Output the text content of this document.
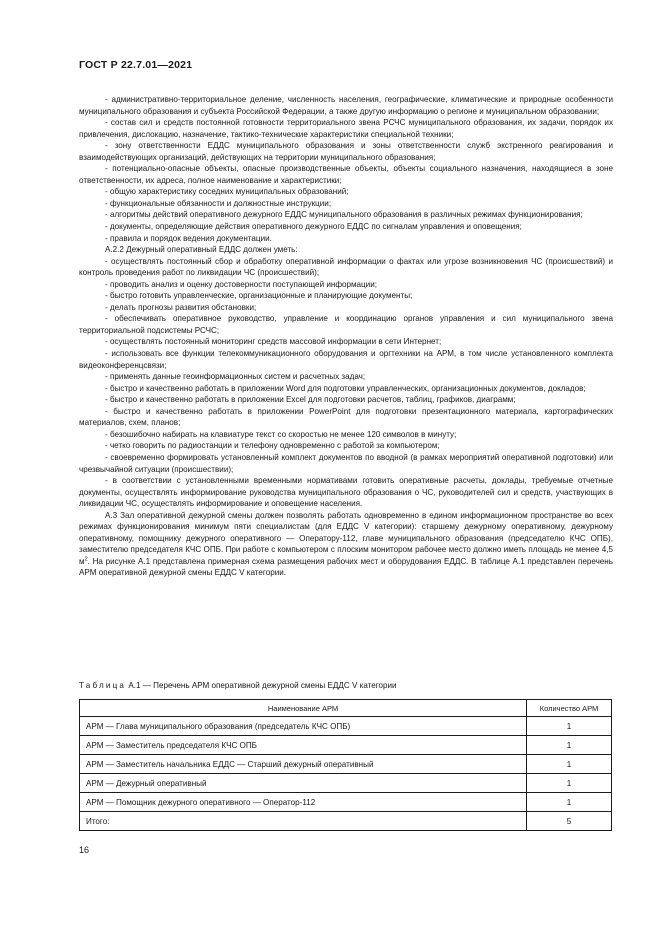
ГОСТ Р 22.7.01—2021

- административно-территориальное деление, численность населения, географические, климатические и природные особенности муниципального образования и субъекта Российской Федерации, а также другую информацию о регионе и муниципальном образовании;

- состав сил и средств постоянной готовности территориального звена РСЧС муниципального образования, их задачи, порядок их привлечения, дислокацию, назначение, тактико-технические характеристики специальной техники;

- зону ответственности ЕДДС муниципального образования и зоны ответственности служб экстренного реагирования и взаимодействующих организаций, действующих на территории муниципального образования;

- потенциально-опасные объекты, опасные производственные объекты, объекты социального назначения, находящиеся в зоне ответственности, их адреса, полное наименование и характеристики;

- общую характеристику соседних муниципальных образований;

- функциональные обязанности и должностные инструкции;

- алгоритмы действий оперативного дежурного ЕДДС муниципального образования в различных режимах функционирования;

- документы, определяющие действия оперативного дежурного ЕДДС по сигналам управления и оповещения;

- правила и порядок ведения документации.

А.2.2 Дежурный оперативный ЕДДС должен уметь:

- осуществлять постоянный сбор и обработку оперативной информации о фактах или угрозе возникновения ЧС (происшествий) и контроль проведения работ по ликвидации ЧС (происшествий);

- проводить анализ и оценку достоверности поступающей информации;

- быстро готовить управленческие, организационные и планирующие документы;

- делать прогнозы развития обстановки;

- обеспечивать оперативное руководство, управление и координацию органов управления и сил муниципального звена территориальной подсистемы РСЧС;

- осуществлять постоянный мониторинг средств массовой информации в сети Интернет;

- использовать все функции телекоммуникационного оборудования и оргтехники на АРМ, в том числе установленного комплекта видеоконференцсвязи;

- применять данные геоинформационных систем и расчетных задач;

- быстро и качественно работать в приложении Word для подготовки управленческих, организационных документов, докладов;

- быстро и качественно работать в приложении Excel для подготовки расчетов, таблиц, графиков, диаграмм;

- быстро и качественно работать в приложении PowerPoint для подготовки презентационного материала, картографических материалов, схем, планов;

- безошибочно набирать на клавиатуре текст со скоростью не менее 120 символов в минуту;

- четко говорить по радиостанции и телефону одновременно с работой за компьютером;

- своевременно формировать установленный комплект документов по вводной (в рамках мероприятий оперативной подготовки) или чрезвычайной ситуации (происшествии);

- в соответствии с установленными временными нормативами готовить оперативные расчеты, доклады, требуемые отчетные документы, осуществлять информирование руководства муниципального образования о ЧС, руководителей сил и средств, участвующих в ликвидации ЧС, осуществлять информирование и оповещение населения.

А.3 Зал оперативной дежурной смены должен позволять работать одновременно в едином информационном пространстве во всех режимах функционирования минимум пяти специалистам (для ЕДДС V категории): старшему дежурному оперативному, дежурному оперативному, помощнику дежурного оперативного — Оператору-112, главе муниципального образования (председателю КЧС ОПБ), заместителю председателя КЧС ОПБ. При работе с компьютером с плоским монитором рабочее место должно иметь площадь не менее 4,5 $м^2$. На рисунке А.1 представлена примерная схема размещения рабочих мест и оборудования ЕДДС. В таблице А.1 представлен перечень АРМ оперативной дежурной смены ЕДДС V категории.

Таблица А.1 — Перечень АРМ оперативной дежурной смены ЕДДС V категории
Наименование АРМ	Количество АРМ
АРМ — Глава муниципального образования (председатель КЧС ОПБ)	1
АРМ — Заместитель председателя КЧС ОПБ	1
АРМ — Заместитель начальника ЕДДС — Старший дежурный оперативный	1
АРМ — Дежурный оперативный	1
АРМ — Помощник дежурного оперативного — Оператор-112	1
Итого:	5
16
